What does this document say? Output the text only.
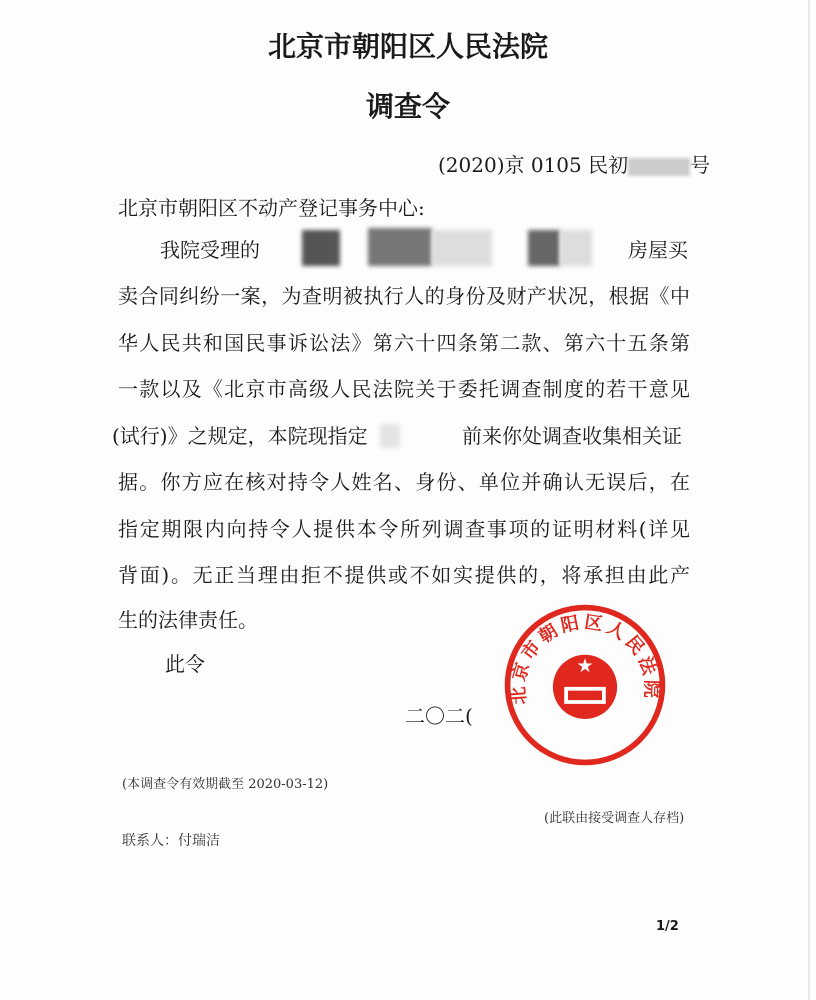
北京市朝阳区人民法院
调查令
(2020)京 0105 民初	号
北京市朝阳区不动产登记事务中心:
我院受理的	房屋买
卖合同纠纷一案，为查明被执行人的身份及财产状况，根据《中
华人民共和国民事诉讼法》第六十四条第二款、第六十五条第
一款以及《北京市高级人民法院关于委托调查制度的若干意见
(试行)》之规定，本院现指定	前来你处调查收集相关证
据。你方应在核对持令人姓名、身份、单位并确认无误后，在
指定期限内向持令人提供本令所列调查事项的证明材料(详见
背面)。无正当理由拒不提供或不如实提供的，将承担由此产
生的法律责任。
此令
二〇二(
北京市朝阳区人民法院
★
(本调查令有效期截至 2020-03-12)
(此联由接受调查人存档)
联系人：付瑞洁
1/2
